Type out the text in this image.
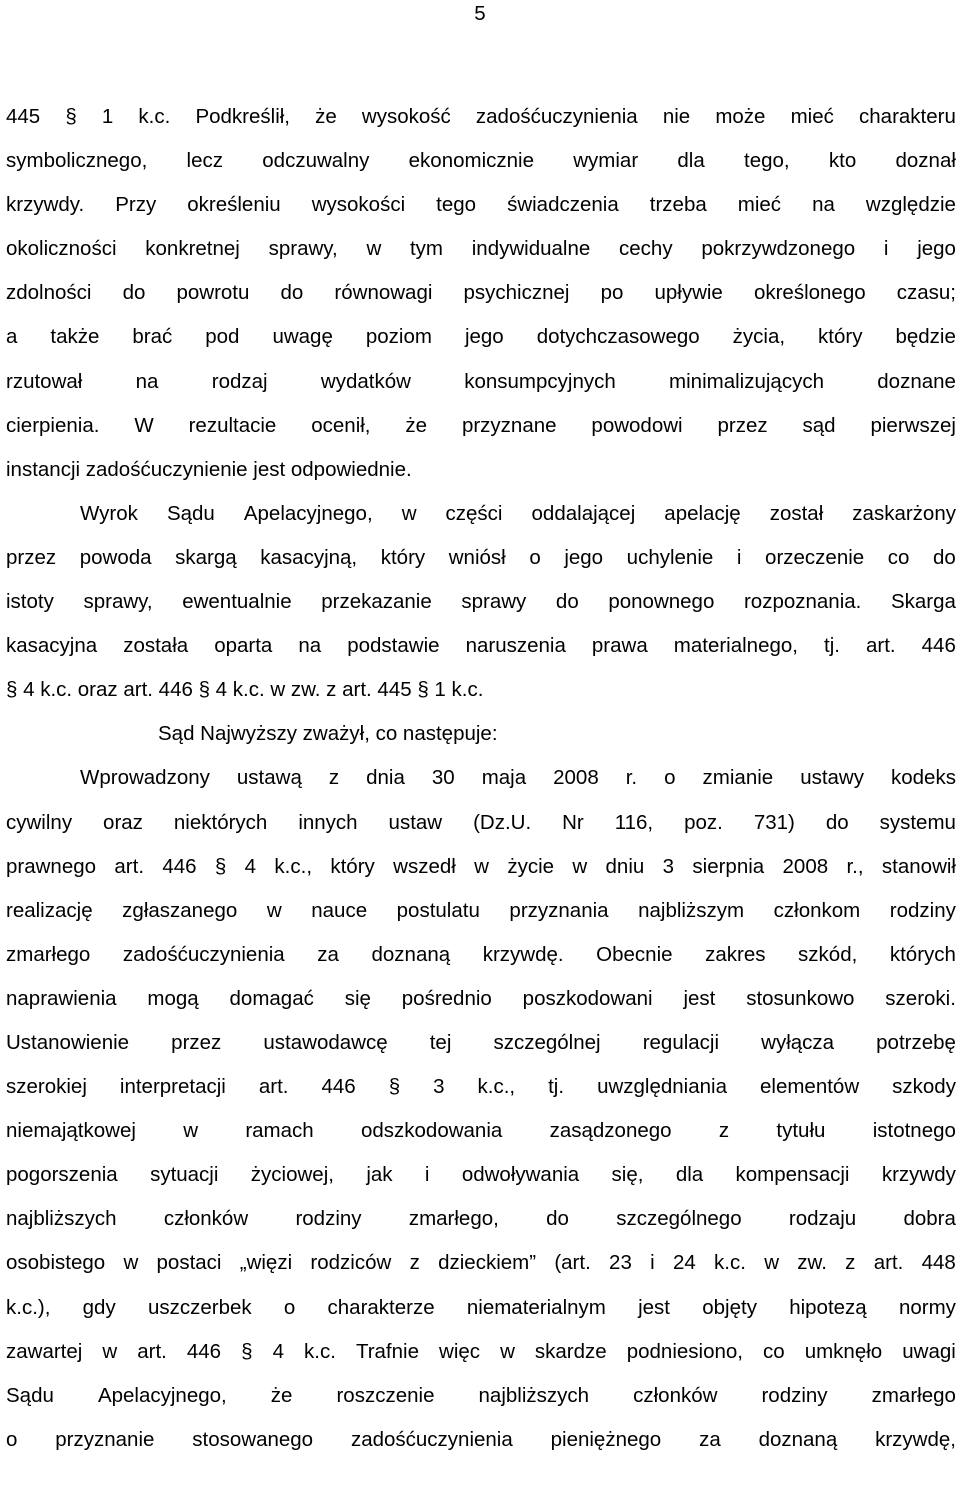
5
445 § 1 k.c. Podkreślił, że wysokość zadośćuczynienia nie może mieć charakteru
symbolicznego, lecz odczuwalny ekonomicznie wymiar dla tego, kto doznał
krzywdy. Przy określeniu wysokości tego świadczenia trzeba mieć na względzie
okoliczności konkretnej sprawy, w tym indywidualne cechy pokrzywdzonego i jego
zdolności do powrotu do równowagi psychicznej po upływie określonego czasu;
a także brać pod uwagę poziom jego dotychczasowego życia, który będzie
rzutował	na	rodzaj	wydatków	konsumpcyjnych	minimalizujących	doznane
cierpienia. W rezultacie ocenił, że przyznane powodowi przez sąd pierwszej
instancji zadośćuczynienie jest odpowiednie.
Wyrok Sądu Apelacyjnego, w części oddalającej apelację został zaskarżony
przez powoda skargą kasacyjną, który wniósł o jego uchylenie i orzeczenie co do
istoty sprawy, ewentualnie przekazanie sprawy do ponownego rozpoznania. Skarga
kasacyjna została oparta na podstawie naruszenia prawa materialnego, tj. art. 446
§ 4 k.c. oraz art. 446 § 4 k.c. w zw. z art. 445 § 1 k.c.
Sąd Najwyższy zważył, co następuje:
Wprowadzony ustawą z dnia 30 maja 2008 r. o zmianie ustawy kodeks
cywilny oraz niektórych innych ustaw (Dz.U. Nr 116, poz. 731) do systemu
prawnego art. 446 § 4 k.c., który wszedł w życie w dniu 3 sierpnia 2008 r., stanowił
realizację zgłaszanego w nauce postulatu przyznania najbliższym członkom rodziny
zmarłego zadośćuczynienia za doznaną krzywdę. Obecnie zakres szkód, których
naprawienia mogą domagać się pośrednio poszkodowani jest stosunkowo szeroki.
Ustanowienie przez ustawodawcę tej szczególnej regulacji wyłącza potrzebę
szerokiej interpretacji art. 446 § 3 k.c., tj. uwzględniania elementów szkody
niemajątkowej w ramach odszkodowania zasądzonego z tytułu istotnego
pogorszenia sytuacji życiowej, jak i odwoływania się, dla kompensacji krzywdy
najbliższych członków rodziny zmarłego, do szczególnego rodzaju dobra
osobistego w postaci „więzi rodziców z dzieckiem” (art. 23 i 24 k.c. w zw. z art. 448
k.c.), gdy uszczerbek o charakterze niematerialnym jest objęty hipotezą normy
zawartej w art. 446 § 4 k.c. Trafnie więc w skardze podniesiono, co umknęło uwagi
Sądu Apelacyjnego, że roszczenie najbliższych członków rodziny zmarłego
o przyznanie stosowanego zadośćuczynienia pieniężnego za doznaną krzywdę,
